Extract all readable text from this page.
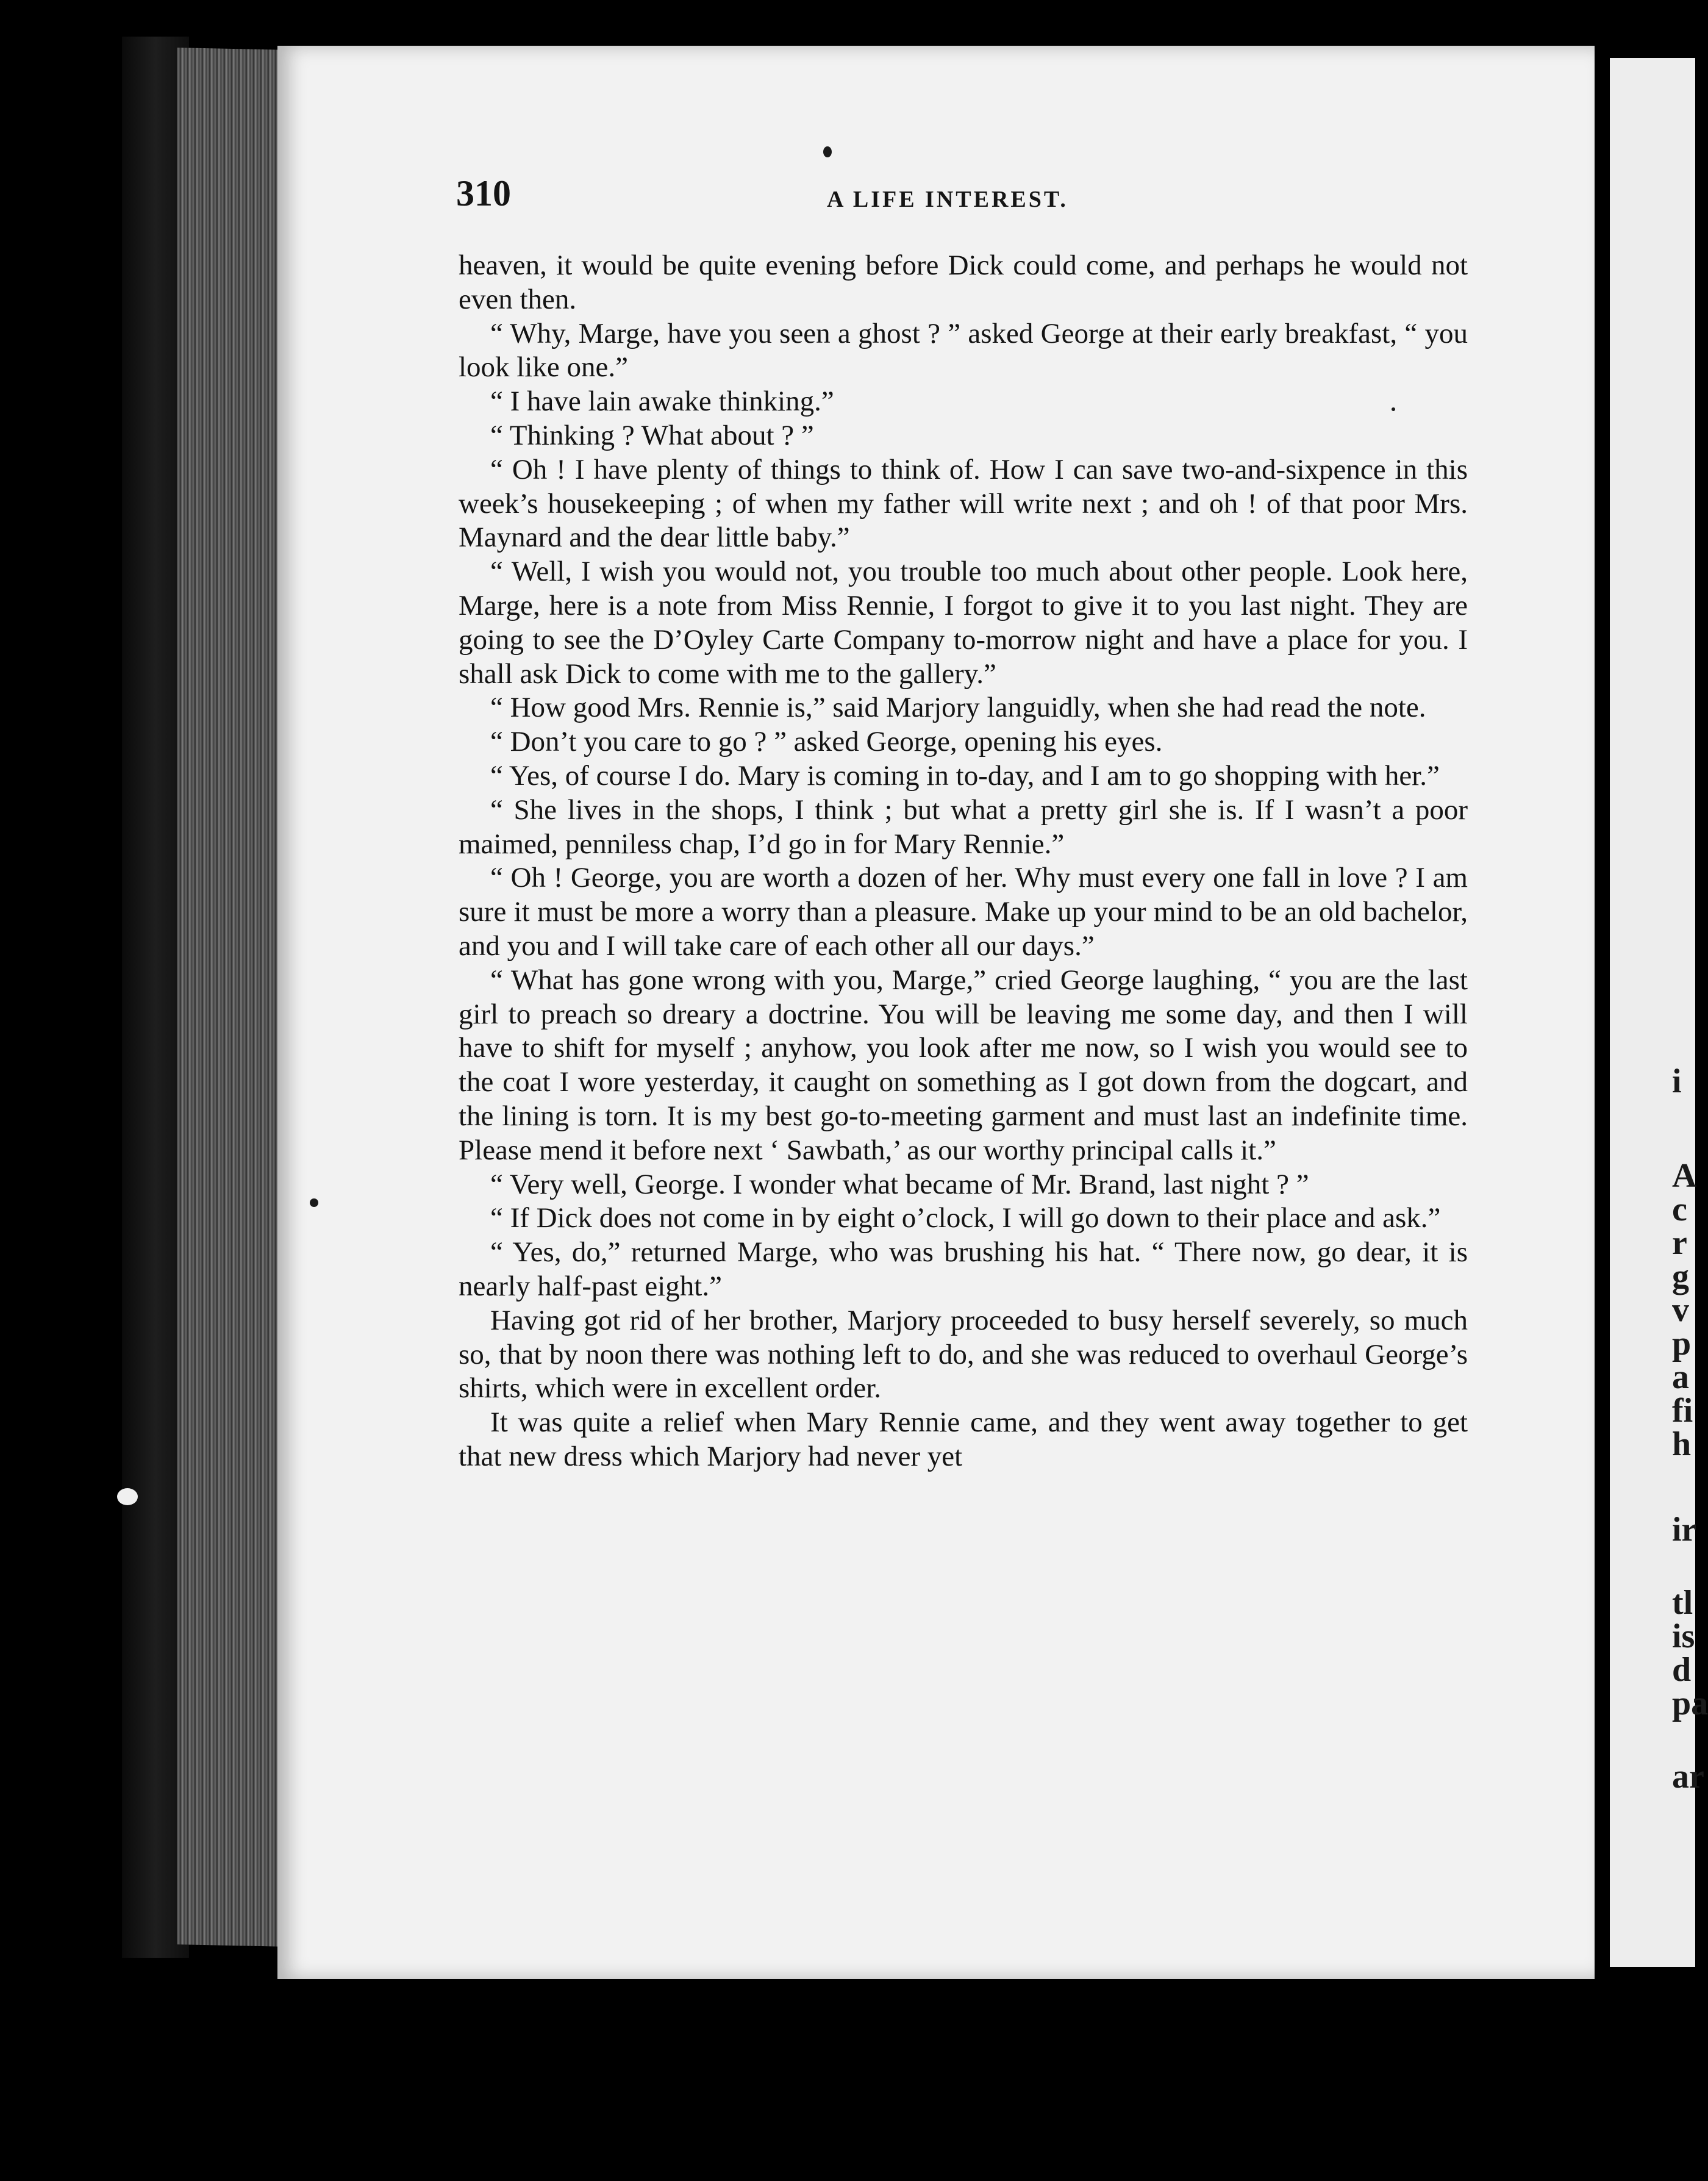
i
A
c
r
g
v
p
a
fi
h
ir
tl
is
d
pa
ar
310	A LIFE INTEREST.

heaven, it would be quite evening before Dick could come, and perhaps he would not even then.

“ Why, Marge, have you seen a ghost ? ” asked George at their early breakfast, “ you look like one.”

“ I have lain awake thinking.”

“ Thinking ? What about ? ”

“ Oh ! I have plenty of things to think of. How I can save two-and-sixpence in this week’s housekeeping ; of when my father will write next ; and oh ! of that poor Mrs. Maynard and the dear little baby.”

“ Well, I wish you would not, you trouble too much about other people. Look here, Marge, here is a note from Miss Rennie, I forgot to give it to you last night. They are going to see the D’Oyley Carte Company to-morrow night and have a place for you. I shall ask Dick to come with me to the gallery.”

“ How good Mrs. Rennie is,” said Marjory languidly, when she had read the note.

“ Don’t you care to go ? ” asked George, opening his eyes.

“ Yes, of course I do. Mary is coming in to-day, and I am to go shopping with her.”

“ She lives in the shops, I think ; but what a pretty girl she is. If I wasn’t a poor maimed, penniless chap, I’d go in for Mary Rennie.”

“ Oh ! George, you are worth a dozen of her. Why must every one fall in love ? I am sure it must be more a worry than a pleasure. Make up your mind to be an old bachelor, and you and I will take care of each other all our days.”

“ What has gone wrong with you, Marge,” cried George laughing, “ you are the last girl to preach so dreary a doctrine. You will be leaving me some day, and then I will have to shift for myself ; anyhow, you look after me now, so I wish you would see to the coat I wore yesterday, it caught on something as I got down from the dogcart, and the lining is torn. It is my best go-to-meeting garment and must last an indefinite time. Please mend it before next ‘ Sawbath,’ as our worthy principal calls it.”

“ Very well, George. I wonder what became of Mr. Brand, last night ? ”

“ If Dick does not come in by eight o’clock, I will go down to their place and ask.”

“ Yes, do,” returned Marge, who was brushing his hat. “ There now, go dear, it is nearly half-past eight.”

Having got rid of her brother, Marjory proceeded to busy herself severely, so much so, that by noon there was nothing left to do, and she was reduced to overhaul George’s shirts, which were in excellent order.

It was quite a relief when Mary Rennie came, and they went away together to get that new dress which Marjory had never yet
